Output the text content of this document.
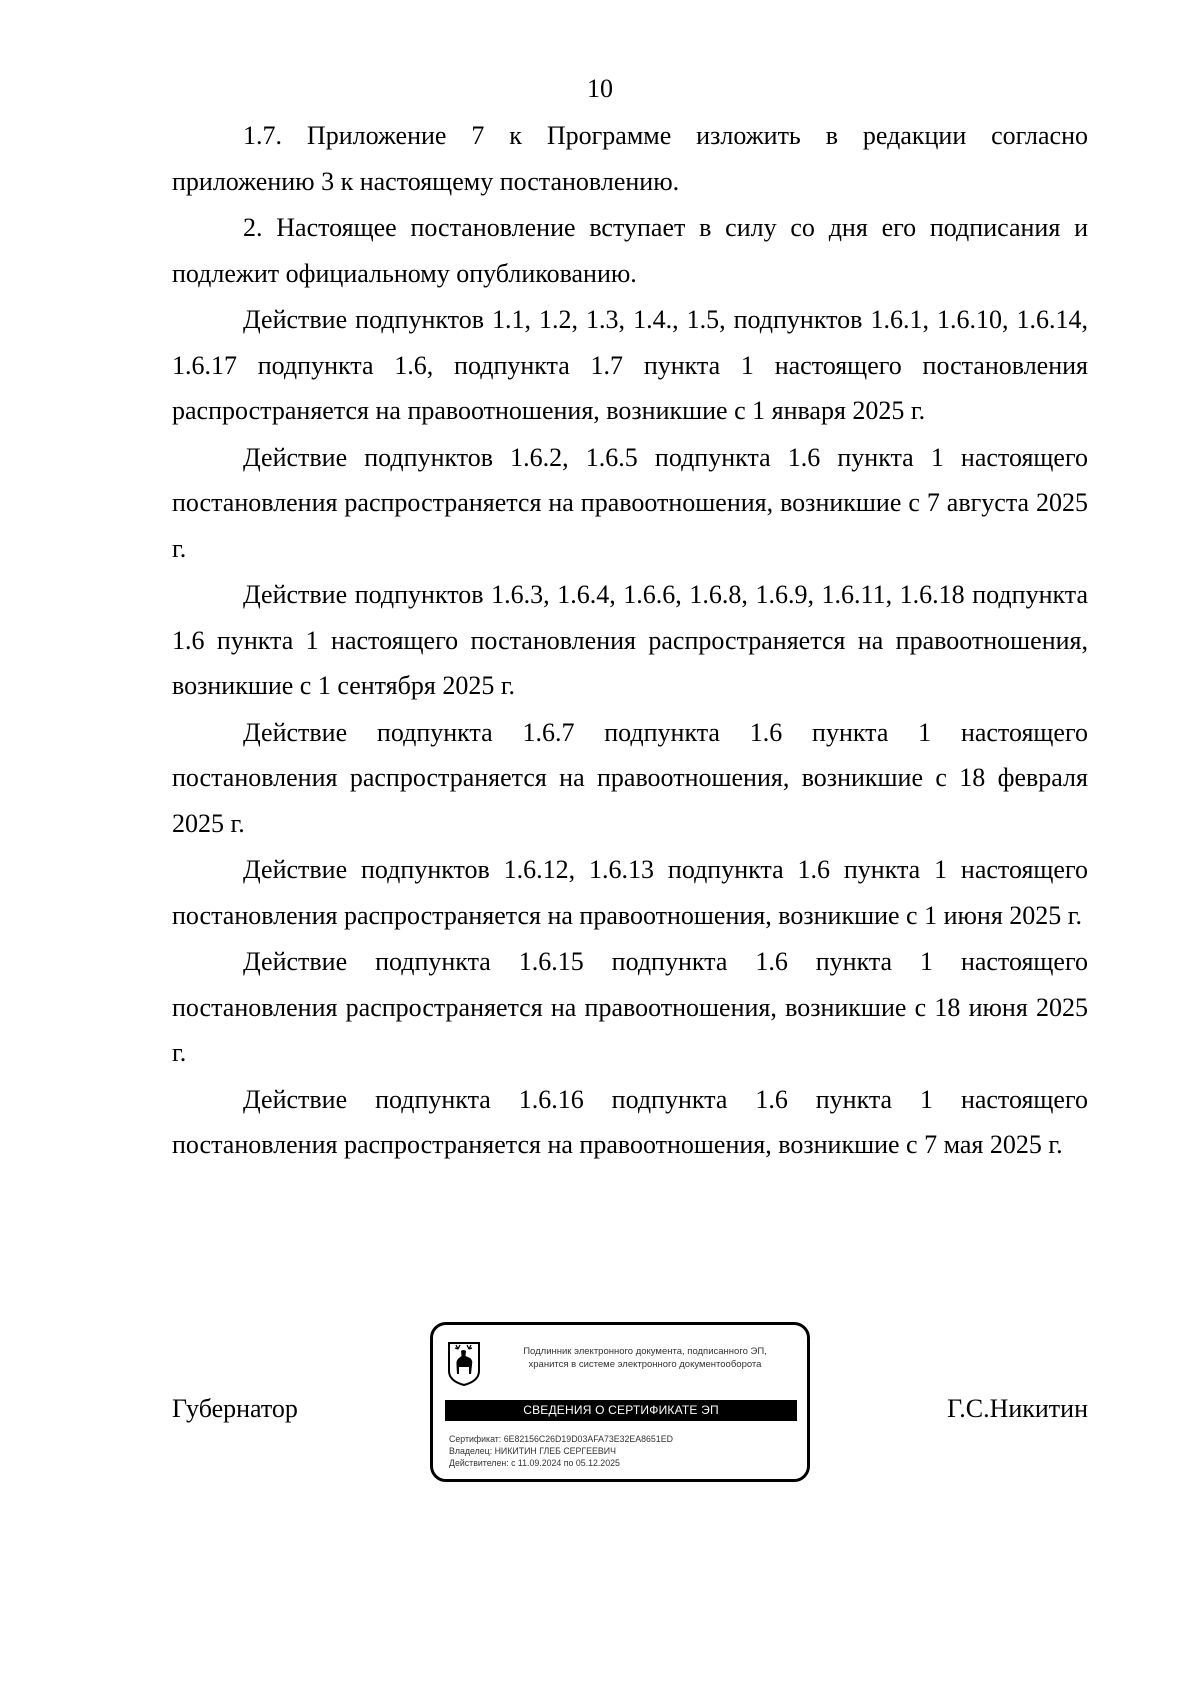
10

1.7. Приложение 7 к Программе изложить в редакции согласно приложению 3 к настоящему постановлению.

2. Настоящее постановление вступает в силу со дня его подписания и подлежит официальному опубликованию.

Действие подпунктов 1.1, 1.2, 1.3, 1.4., 1.5, подпунктов 1.6.1, 1.6.10, 1.6.14, 1.6.17 подпункта 1.6, подпункта 1.7 пункта 1 настоящего постановления распространяется на правоотношения, возникшие с 1 января 2025 г.

Действие подпунктов 1.6.2, 1.6.5 подпункта 1.6 пункта 1 настоящего постановления распространяется на правоотношения, возникшие с 7 августа 2025 г.

Действие подпунктов 1.6.3, 1.6.4, 1.6.6, 1.6.8, 1.6.9, 1.6.11, 1.6.18 подпункта 1.6 пункта 1 настоящего постановления распространяется на правоотношения, возникшие с 1 сентября 2025 г.

Действие подпункта 1.6.7 подпункта 1.6 пункта 1 настоящего постановления распространяется на правоотношения, возникшие с 18 февраля 2025 г.

Действие подпунктов 1.6.12, 1.6.13 подпункта 1.6 пункта 1 настоящего постановления распространяется на правоотношения, возникшие с 1 июня 2025 г.

Действие подпункта 1.6.15 подпункта 1.6 пункта 1 настоящего постановления распространяется на правоотношения, возникшие с 18 июня 2025 г.

Действие подпункта 1.6.16 подпункта 1.6 пункта 1 настоящего постановления распространяется на правоотношения, возникшие с 7 мая 2025 г.

Губернатор	Г.С.Никитин
Подлинник электронного документа, подписанного ЭП,
хранится в системе электронного документооборота
СВЕДЕНИЯ О СЕРТИФИКАТЕ ЭП
Сертификат: 6E82156C26D19D03AFA73E32EA8651ED
Владелец: НИКИТИН ГЛЕБ СЕРГЕЕВИЧ
Действителен: с 11.09.2024 по 05.12.2025
